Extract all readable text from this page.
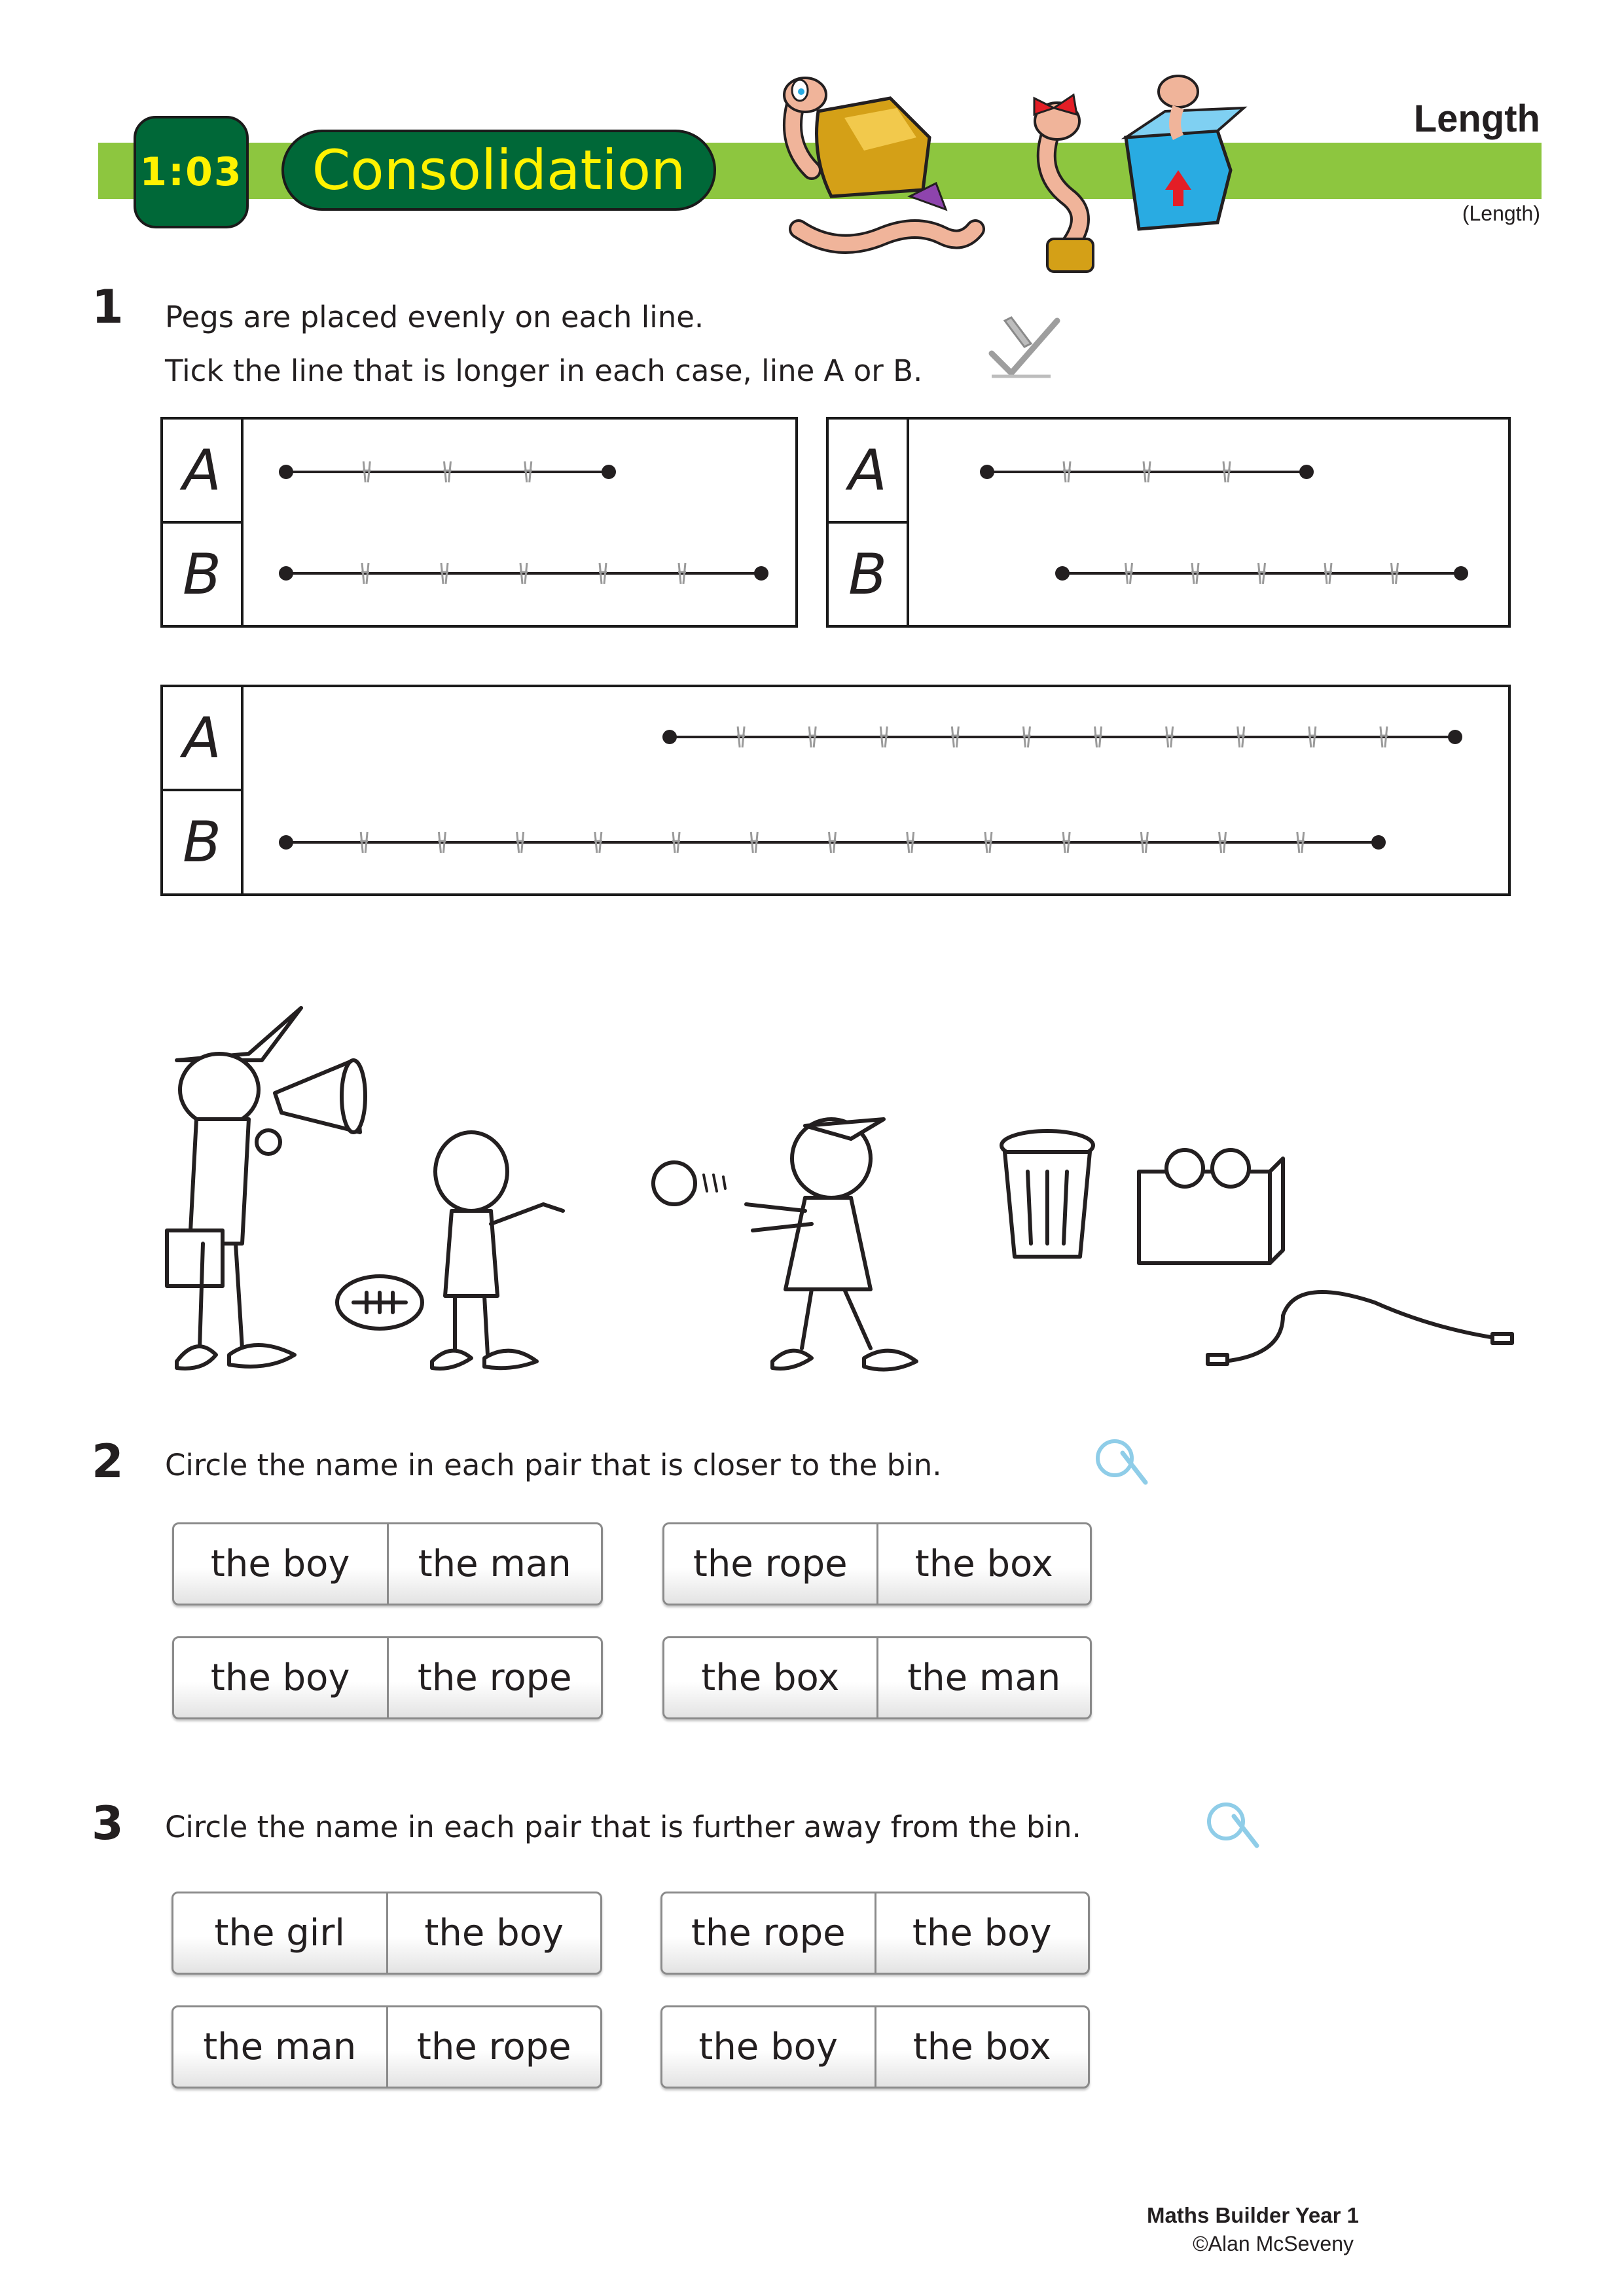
1:03 Consolidation
Length
(Length)
1 Pegs are placed evenly on each line.
Tick the line that is longer in each case, line A or B.
A
B
A
B
A
B
2 Circle the name in each pair that is closer to the bin.
the boy	the man	the rope	the box
the boy	the rope	the box	the man
3 Circle the name in each pair that is further away from the bin.
the girl	the boy	the rope	the boy
the man	the rope	the boy	the box
Maths Builder Year 1
©Alan McSeveny
